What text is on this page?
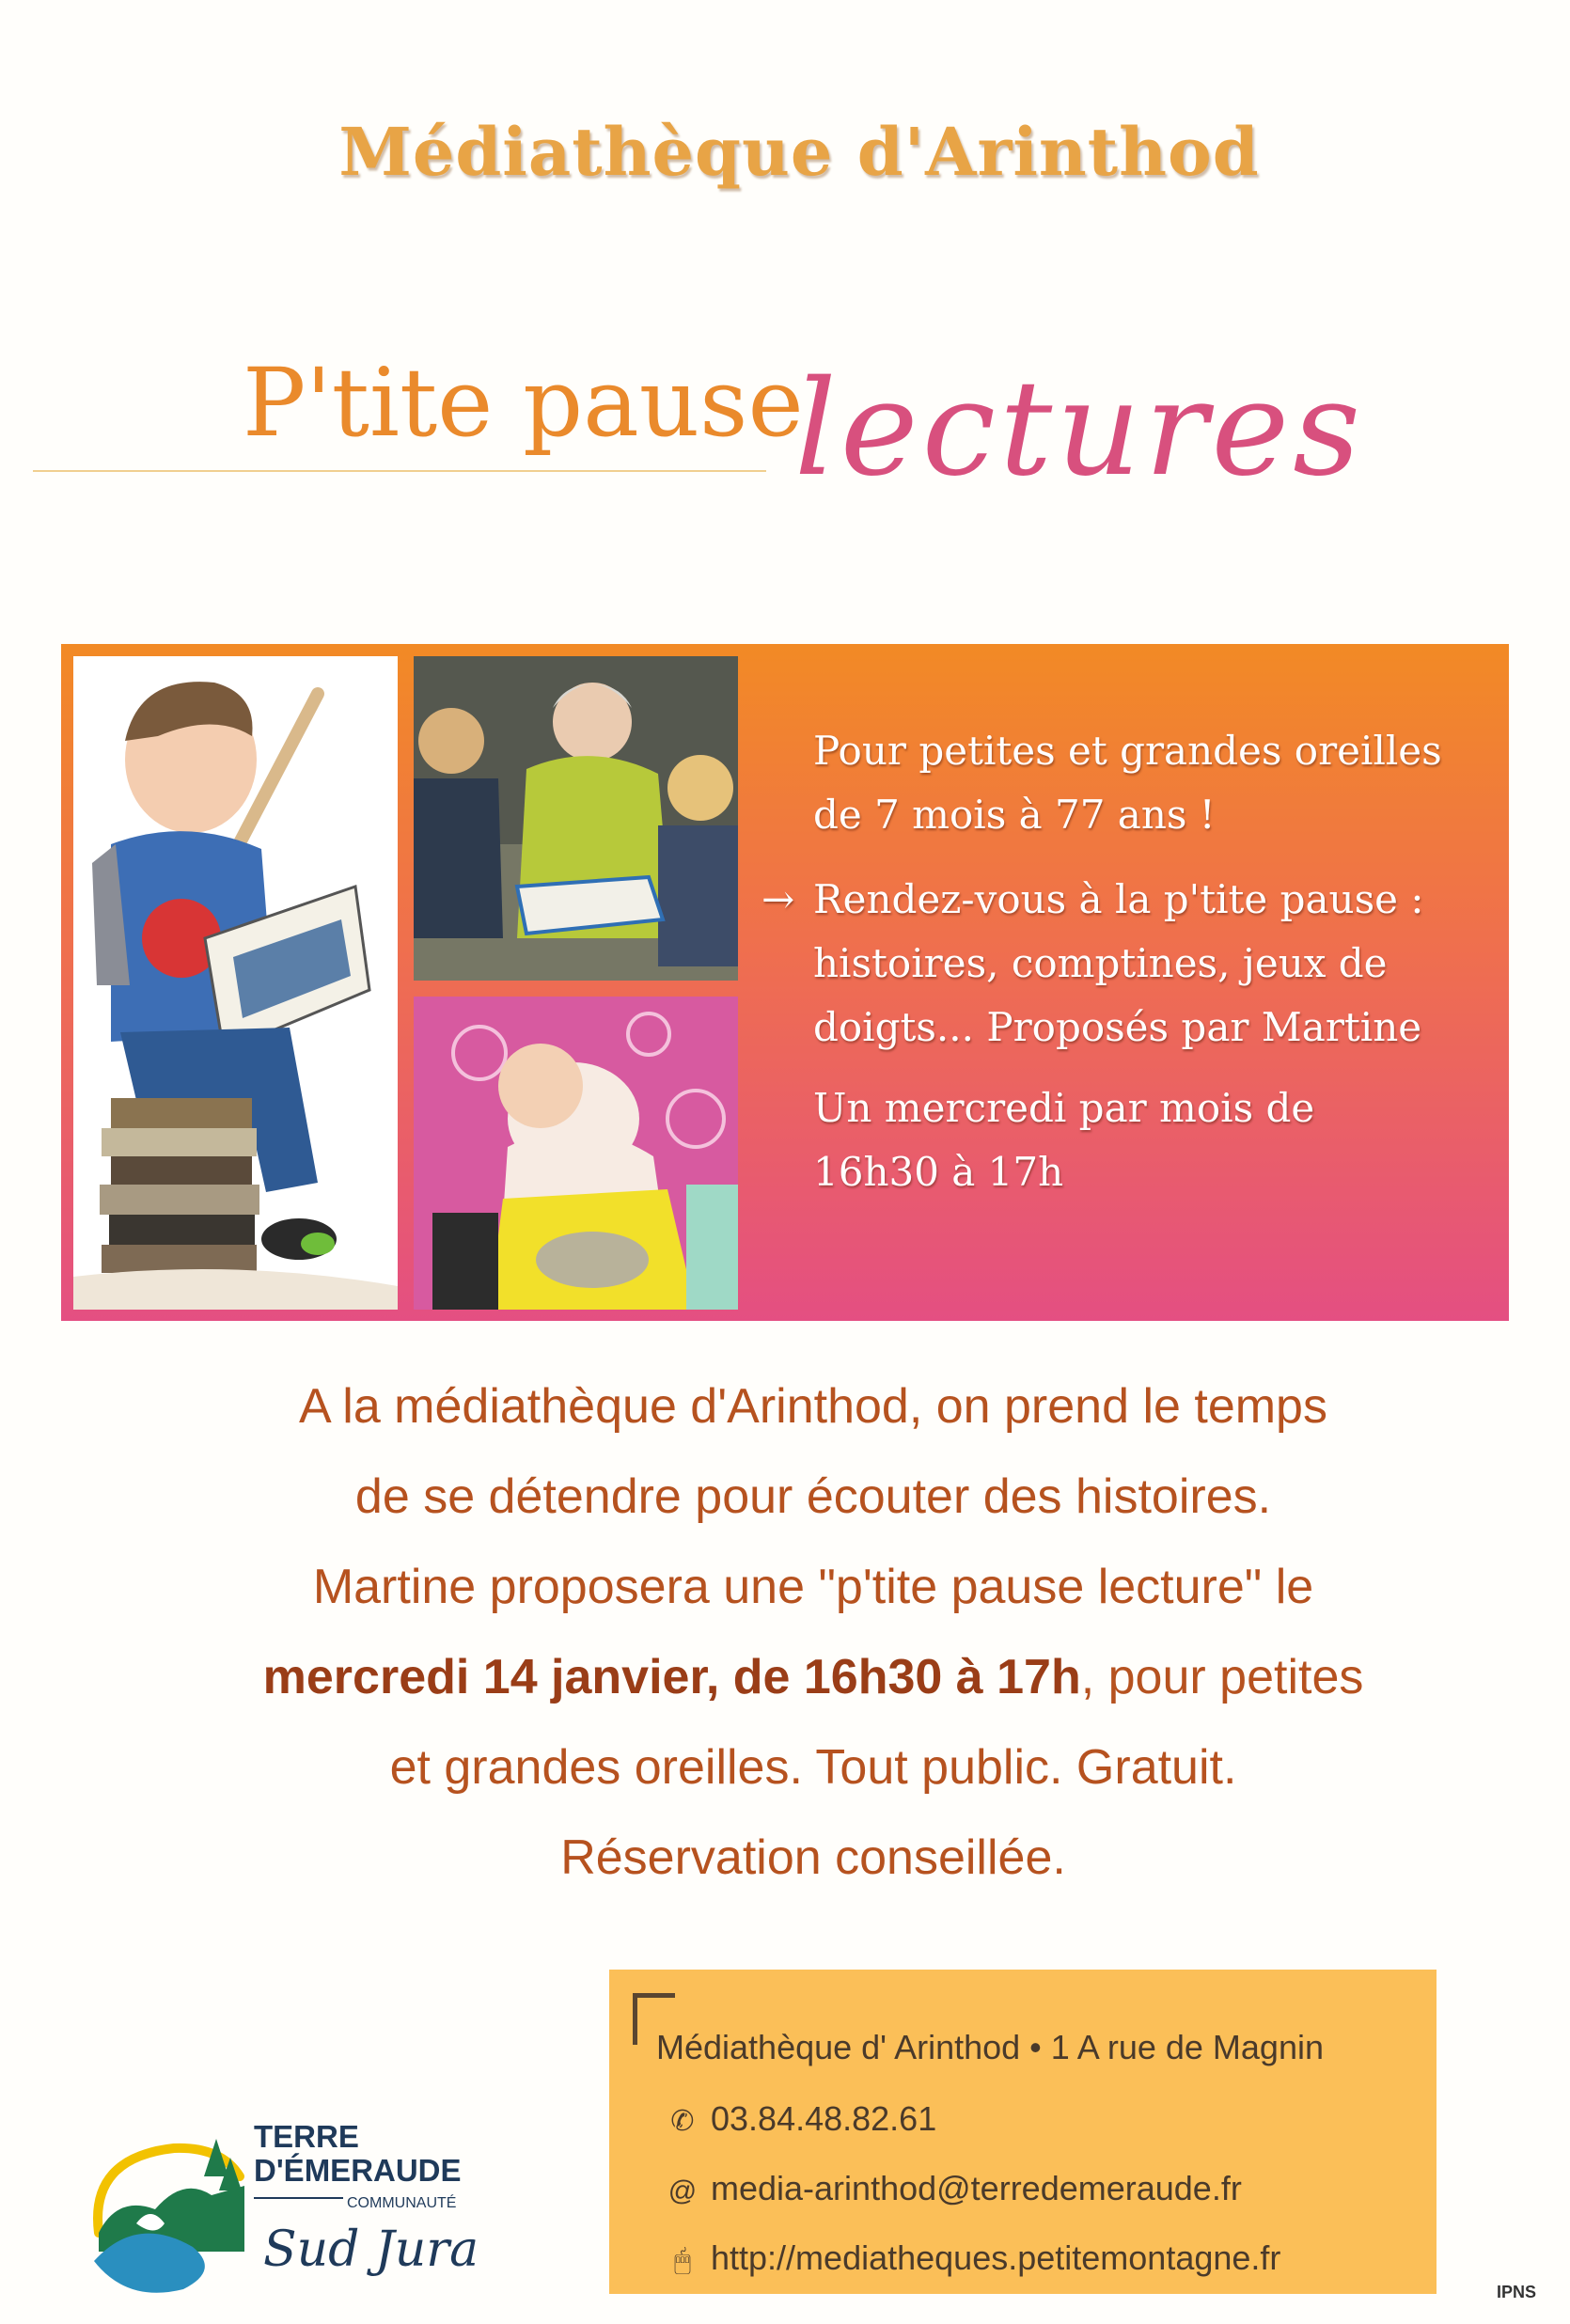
Médiathèque d'Arinthod
P'tite pause
lectures

Pour petites et grandes oreilles de 7 mois à 77 ans !

→ Rendez-vous à la p'tite pause : histoires, comptines, jeux de doigts... Proposés par Martine

Un mercredi par mois de

16h30 à 17h

A la médiathèque d'Arinthod, on prend le temps

de se détendre pour écouter des histoires.

Martine proposera une "p'tite pause lecture" le

mercredi 14 janvier, de 16h30 à 17h, pour petites

et grandes oreilles. Tout public. Gratuit.

Réservation conseillée.

TERRE
D'ÉMERAUDE
COMMUNAUTÉ
Sud Jura
Médiathèque d' Arinthod • 1 A rue de Magnin
✆ 03.84.48.82.61
@ media-arinthod@terredemeraude.fr
🖱 http://mediatheques.petitemontagne.fr
IPNS
